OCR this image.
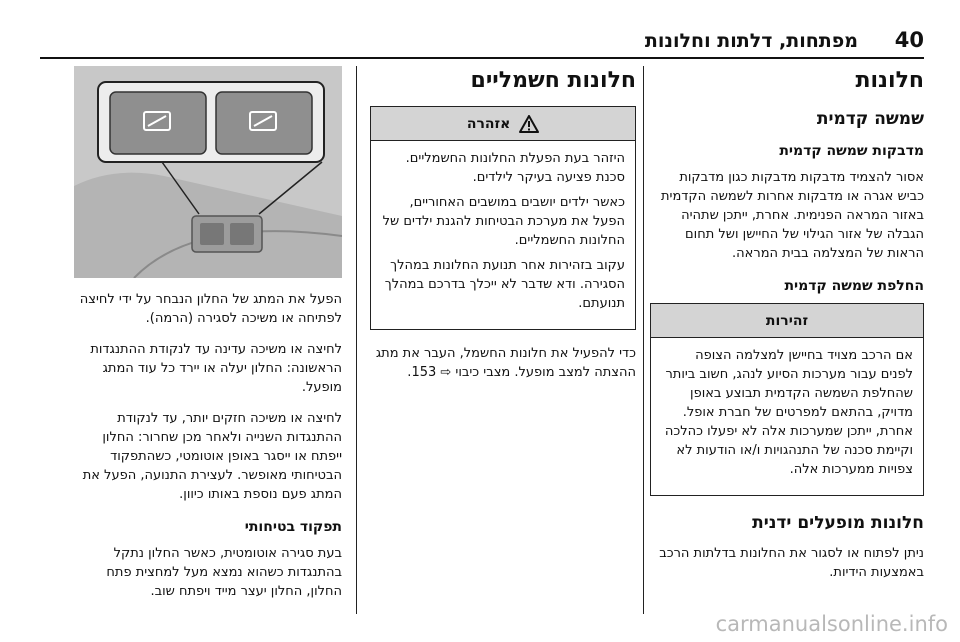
40
מפתחות, דלתות וחלונות
חלונות
שמשה קדמית
מדבקות שמשה קדמית

אסור להצמיד מדבקות מדבקות כגון מדבקות כביש אגרה או מדבקות אחרות לשמשה הקדמית באזור המראה הפנימית. אחרת, ייתכן שתהיה הגבלה של אזור הגילוי של החיישן ושל תחום הראות של המצלמה בבית המראה.

החלפת שמשה קדמית
זהירות

אם הרכב מצויד בחיישן למצלמה הצופה לפנים עבור מערכות הסיוע לנהג, חשוב ביותר שהחלפת השמשה הקדמית תבוצע באופן מדויק, בהתאם למפרטים של חברת אופל. אחרת, ייתכן שמערכות אלה לא יפעלו כהלכה וקיימת סכנה של התנהגויות ו/או הודעות לא צפויות ממערכות אלה.

חלונות מופעלים ידנית

ניתן לפתוח או לסגור את החלונות בדלתות הרכב באמצעות הידיות.

חלונות חשמליים
אזהרה

היזהר בעת הפעלת החלונות החשמליים. סכנת פציעה בעיקר לילדים.

כאשר ילדים יושבים במושבים האחוריים, הפעל את מערכת הבטיחות להגנת ילדים של החלונות החשמליים.

עקוב בזהירות אחר תנועת החלונות במהלך הסגירה. ודא שדבר לא ייכלך בדרכם במהלך תנועתם.

כדי להפעיל את חלונות החשמל, העבר את מתג ההצתה למצב מופעל. מצבי כיבוי ⇨ 153.

הפעל את המתג של החלון הנבחר על ידי לחיצה לפתיחה או משיכה לסגירה (הרמה).

לחיצה או משיכה עדינה עד לנקודת ההתנגדות הראשונה: החלון יעלה או יירד כל עוד המתג מופעל.

לחיצה או משיכה חזקים יותר, עד לנקודת ההתנגדות השנייה ולאחר מכן שחרור: החלון ייפתח או ייסגר באופן אוטומטי, כשהתפקוד הבטיחותי מאופשר. לעצירת התנועה, הפעל את המתג פעם נוספת באותו כיוון.

תפקוד בטיחותי

בעת סגירה אוטומטית, כאשר החלון נתקל בהתנגדות כשהוא נמצא מעל למחצית פתח החלון, החלון יעצר מייד ויפתח שוב.

carmanualsonline.info
